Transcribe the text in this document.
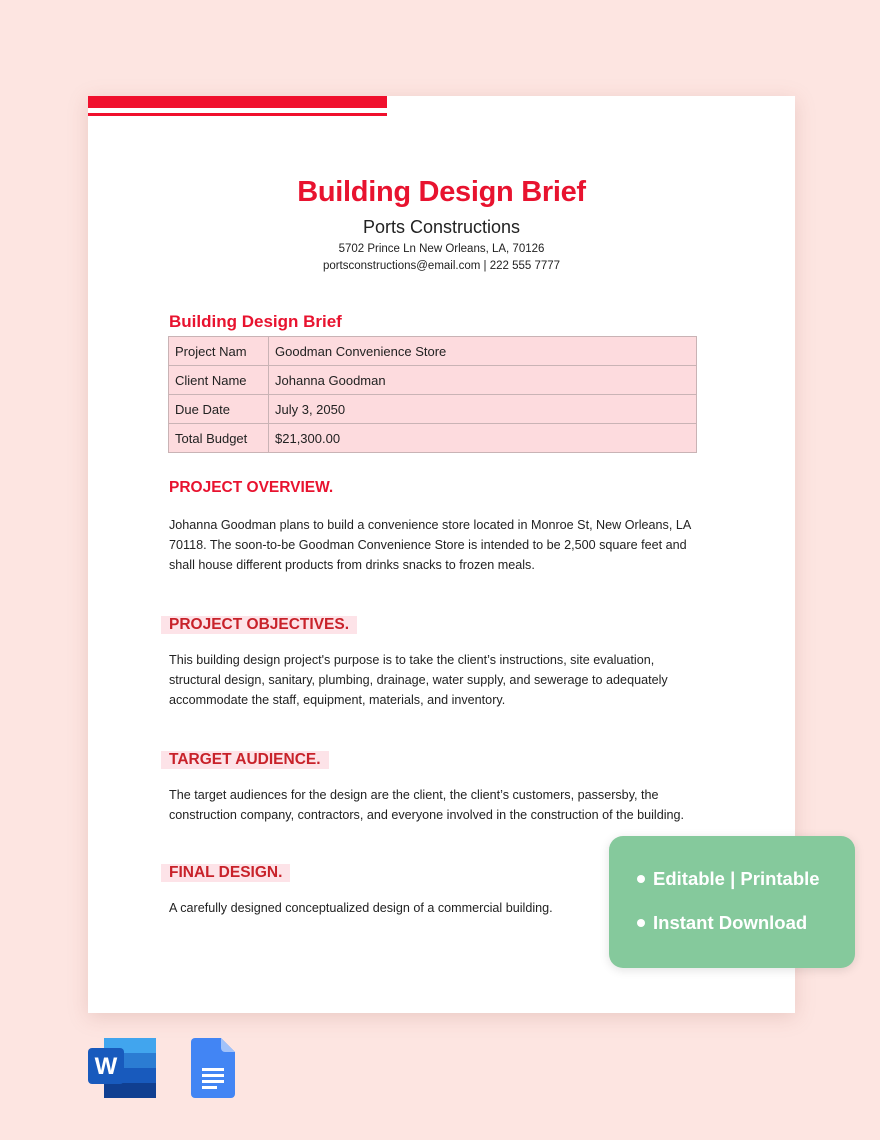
Building Design Brief
Ports Constructions
5702 Prince Ln New Orleans, LA, 70126
portsconstructions@email.com | 222 555 7777
Building Design Brief
Project Nam	Goodman Convenience Store
Client Name	Johanna Goodman
Due Date	July 3, 2050
Total Budget	$21,300.00
PROJECT OVERVIEW.
Johanna Goodman plans to build a convenience store located in Monroe St, New Orleans, LA 70118. The soon-to-be Goodman Convenience Store is intended to be 2,500 square feet and shall house different products from drinks snacks to frozen meals.
PROJECT OBJECTIVES.
This building design project's purpose is to take the client’s instructions, site evaluation, structural design, sanitary, plumbing, drainage, water supply, and sewerage to adequately accommodate the staff, equipment, materials, and inventory.
TARGET AUDIENCE.
The target audiences for the design are the client, the client’s customers, passersby, the construction company, contractors, and everyone involved in the construction of the building.
FINAL DESIGN.
A carefully designed conceptualized design of a commercial building.
Editable | Printable
Instant Download
W
